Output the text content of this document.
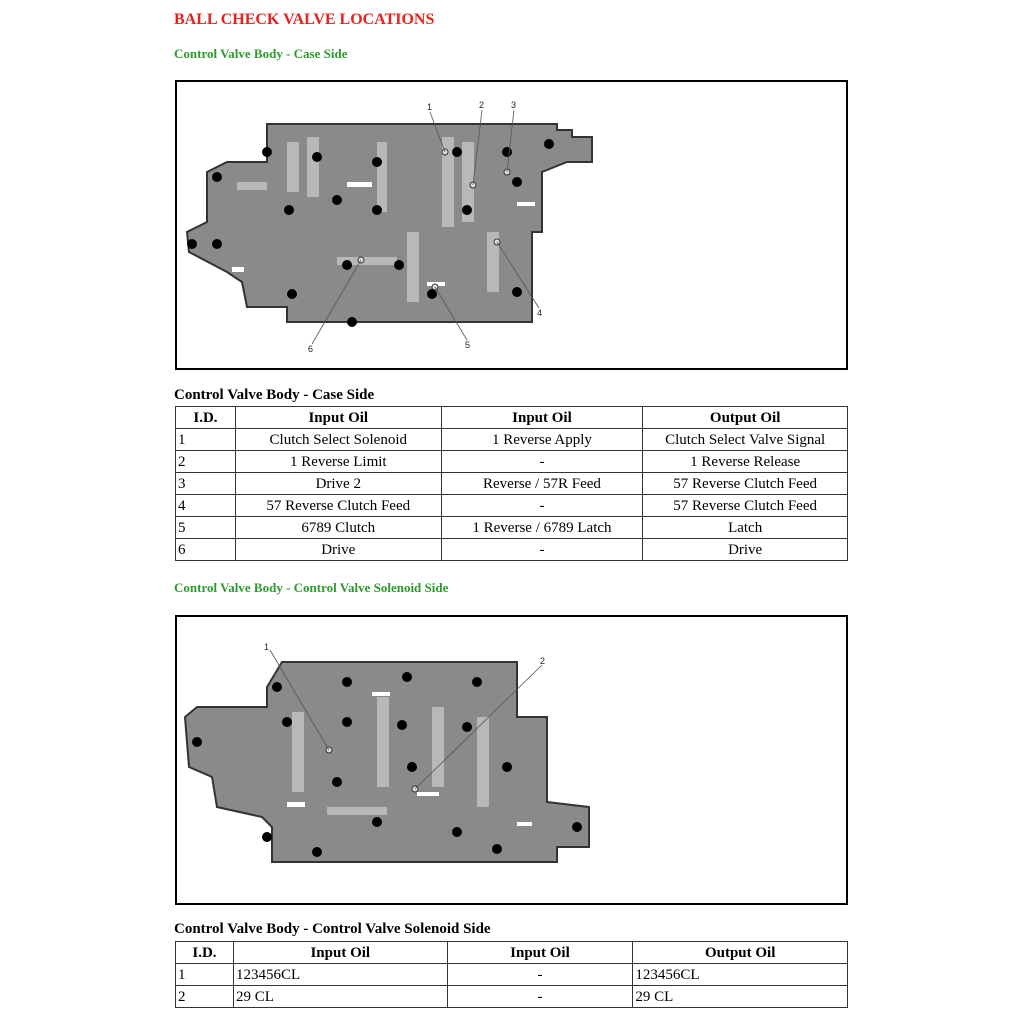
BALL CHECK VALVE LOCATIONS
Control Valve Body - Case Side
1	2	3
4
5
6
Control Valve Body - Case Side
I.D.	Input Oil	Input Oil	Output Oil
1	Clutch Select Solenoid	1 Reverse Apply	Clutch Select Valve Signal
2	1 Reverse Limit	-	1 Reverse Release
3	Drive 2	Reverse / 57R Feed	57 Reverse Clutch Feed
4	57 Reverse Clutch Feed	-	57 Reverse Clutch Feed
5	6789 Clutch	1 Reverse / 6789 Latch	Latch
6	Drive	-	Drive
Control Valve Body - Control Valve Solenoid Side
1
2
Control Valve Body - Control Valve Solenoid Side
I.D.	Input Oil	Input Oil	Output Oil
1	123456CL	-	123456CL
2	29 CL	-	29 CL
